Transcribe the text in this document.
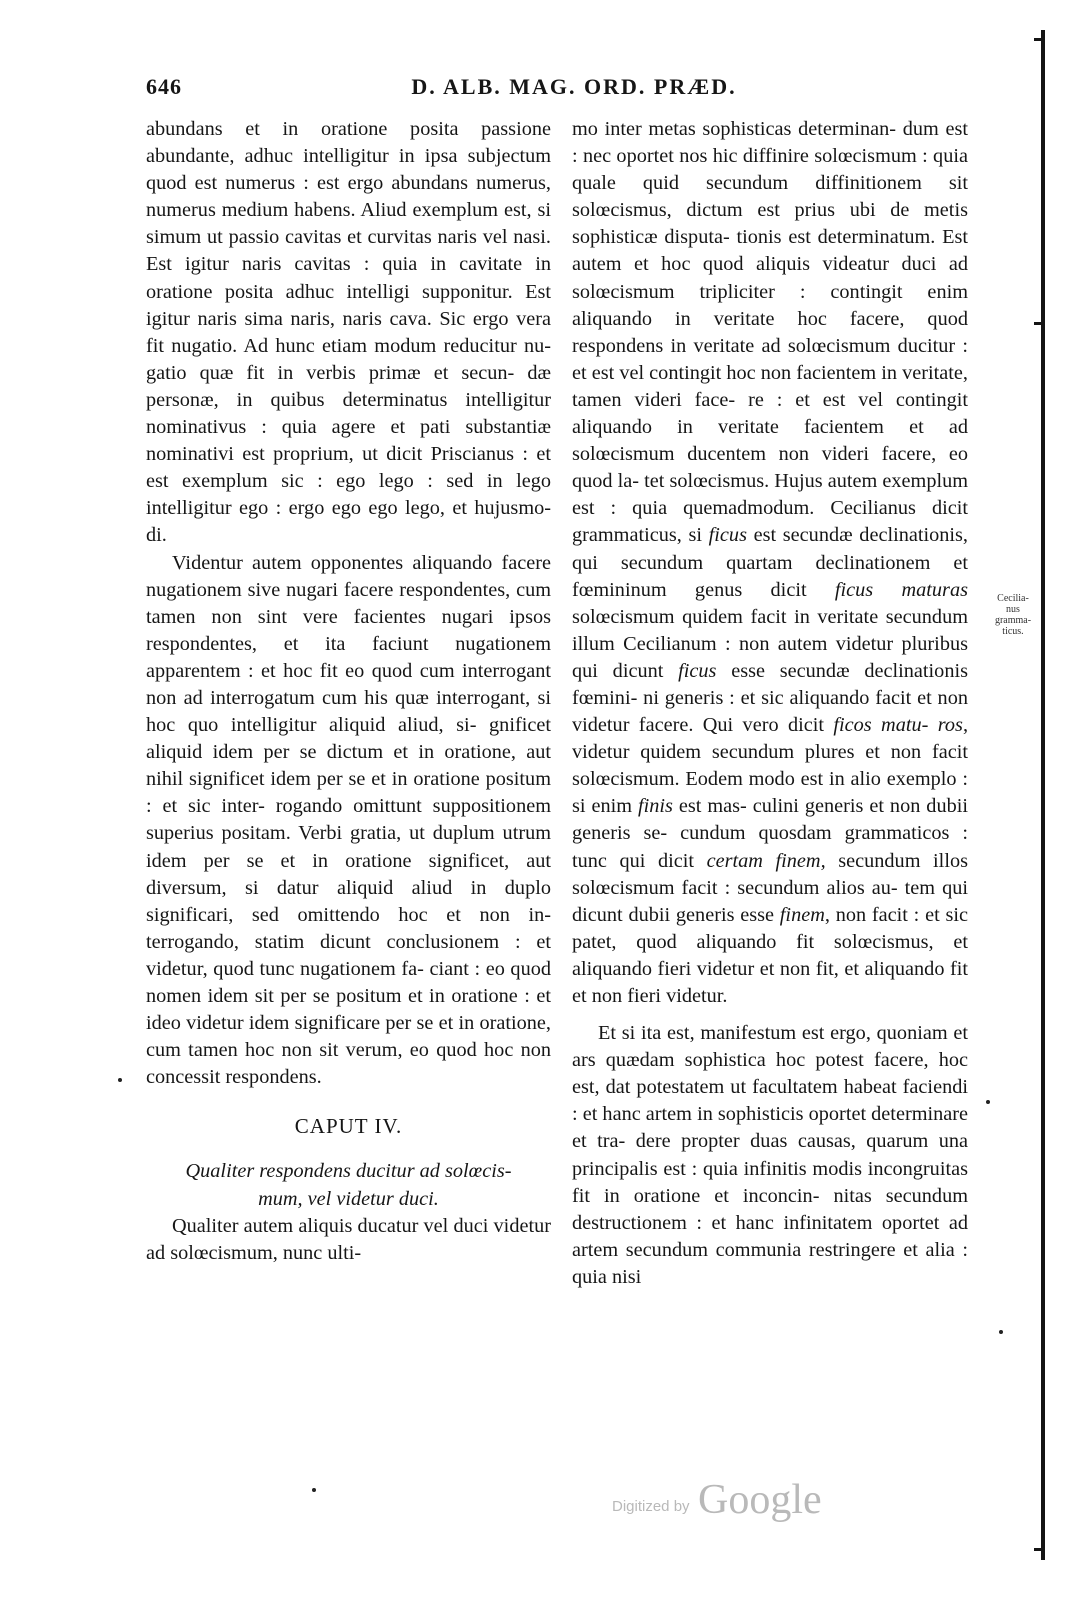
646	D. ALB. MAG. ORD. PRÆD.

abundans et in oratione posita passione abundante, adhuc intelligitur in ipsa subjectum quod est numerus : est ergo abundans numerus, numerus medium habens. Aliud exemplum est, si simum ut passio cavitas et curvitas naris vel nasi. Est igitur naris cavitas : quia in cavitate in oratione posita adhuc intelligi supponitur. Est igitur naris sima naris, naris cava. Sic ergo vera fit nugatio. Ad hunc etiam modum reducitur nu- gatio quæ fit in verbis primæ et secun- dæ personæ, in quibus determinatus intelligitur nominativus : quia agere et pati substantiæ nominativi est proprium, ut dicit Priscianus : et est exemplum sic : ego lego : sed in lego intelligitur ego : ergo ego ego lego, et hujusmo- di.

Videntur autem opponentes aliquando facere nugationem sive nugari facere respondentes, cum tamen non sint vere facientes nugari ipsos respondentes, et ita faciunt nugationem apparentem : et hoc fit eo quod cum interrogant non ad interrogatum cum his quæ interrogant, si hoc quo intelligitur aliquid aliud, si- gnificet aliquid idem per se dictum et in oratione, aut nihil significet idem per se et in oratione positum : et sic inter- rogando omittunt suppositionem superius positam. Verbi gratia, ut duplum utrum idem per se et in oratione significet, aut diversum, si datur aliquid aliud in duplo significari, sed omittendo hoc et non in- terrogando, statim dicunt conclusionem : et videtur, quod tunc nugationem fa- ciant : eo quod nomen idem sit per se positum et in oratione : et ideo videtur idem significare per se et in oratione, cum tamen hoc non sit verum, eo quod hoc non concessit respondens.

CAPUT IV.

Qualiter respondens ducitur ad solœcis-
mum, vel videtur duci.

Qualiter autem aliquis ducatur vel duci videtur ad solœcismum, nunc ulti-

mo inter metas sophisticas determinan- dum est : nec oportet nos hic diffinire solœcismum : quia quale quid secundum diffinitionem sit solœcismus, dictum est prius ubi de metis sophisticæ disputa- tionis est determinatum. Est autem et hoc quod aliquis videatur duci ad solœcismum tripliciter : contingit enim aliquando in veritate hoc facere, quod respondens in veritate ad solœcismum ducitur : et est vel contingit hoc non facientem in veritate, tamen videri face- re : et est vel contingit aliquando in veritate facientem et ad solœcismum ducentem non videri facere, eo quod la- tet solœcismus. Hujus autem exemplum est : quia quemadmodum. Cecilianus dicit grammaticus, si ficus est secundæ declinationis, qui secundum quartam declinationem et fœmininum genus dicit ficus maturas solœcismum quidem facit in veritate secundum illum Cecilianum : non autem videtur pluribus qui dicunt ficus esse secundæ declinationis fœmini- ni generis : et sic aliquando facit et non videtur facere. Qui vero dicit ficos matu- ros, videtur quidem secundum plures et non facit solœcismum. Eodem modo est in alio exemplo : si enim finis est mas- culini generis et non dubii generis se- cundum quosdam grammaticos : tunc qui dicit certam finem, secundum illos solœcismum facit : secundum alios au- tem qui dicunt dubii generis esse finem, non facit : et sic patet, quod aliquando fit solœcismus, et aliquando fieri videtur et non fit, et aliquando fit et non fieri videtur.

Et si ita est, manifestum est ergo, quoniam et ars quædam sophistica hoc potest facere, hoc est, dat potestatem ut facultatem habeat faciendi : et hanc artem in sophisticis oportet determinare et tra- dere propter duas causas, quarum una principalis est : quia infinitis modis incongruitas fit in oratione et inconcin- nitas secundum destructionem : et hanc infinitatem oportet ad artem secundum communia restringere et alia : quia nisi

Cecilia-
nus
gramma-
ticus.
Digitized by Google
